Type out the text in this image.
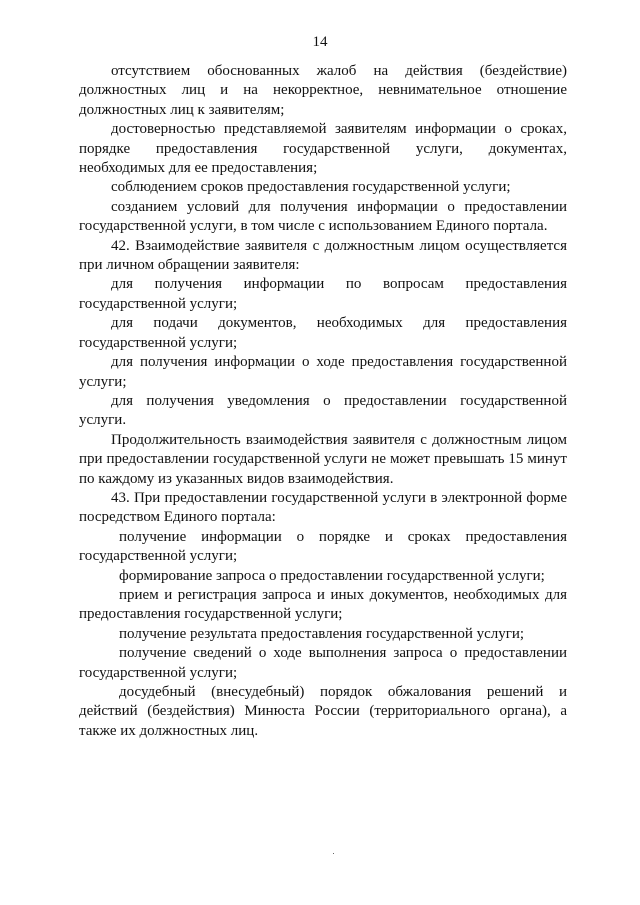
14

отсутствием обоснованных жалоб на действия (бездействие) должностных лиц и на некорректное, невнимательное отношение должностных лиц к заявителям;

достоверностью представляемой заявителям информации о сроках, порядке предоставления государственной услуги, документах, необходимых для ее предоставления;

соблюдением сроков предоставления государственной услуги;

созданием условий для получения информации о предоставлении государственной услуги, в том числе с использованием Единого портала.

42. Взаимодействие заявителя с должностным лицом осуществляется при личном обращении заявителя:

для получения информации по вопросам предоставления государственной услуги;

для подачи документов, необходимых для предоставления государственной услуги;

для получения информации о ходе предоставления государственной услуги;

для получения уведомления о предоставлении государственной услуги.

Продолжительность взаимодействия заявителя с должностным лицом при предоставлении государственной услуги не может превышать 15 минут по каждому из указанных видов взаимодействия.

43. При предоставлении государственной услуги в электронной форме посредством Единого портала:

получение информации о порядке и сроках предоставления государственной услуги;

формирование запроса о предоставлении государственной услуги;

прием и регистрация запроса и иных документов, необходимых для предоставления государственной услуги;

получение результата предоставления государственной услуги;

получение сведений о ходе выполнения запроса о предоставлении государственной услуги;

досудебный (внесудебный) порядок обжалования решений и действий (бездействия) Минюста России (территориального органа), а также их должностных лиц.
